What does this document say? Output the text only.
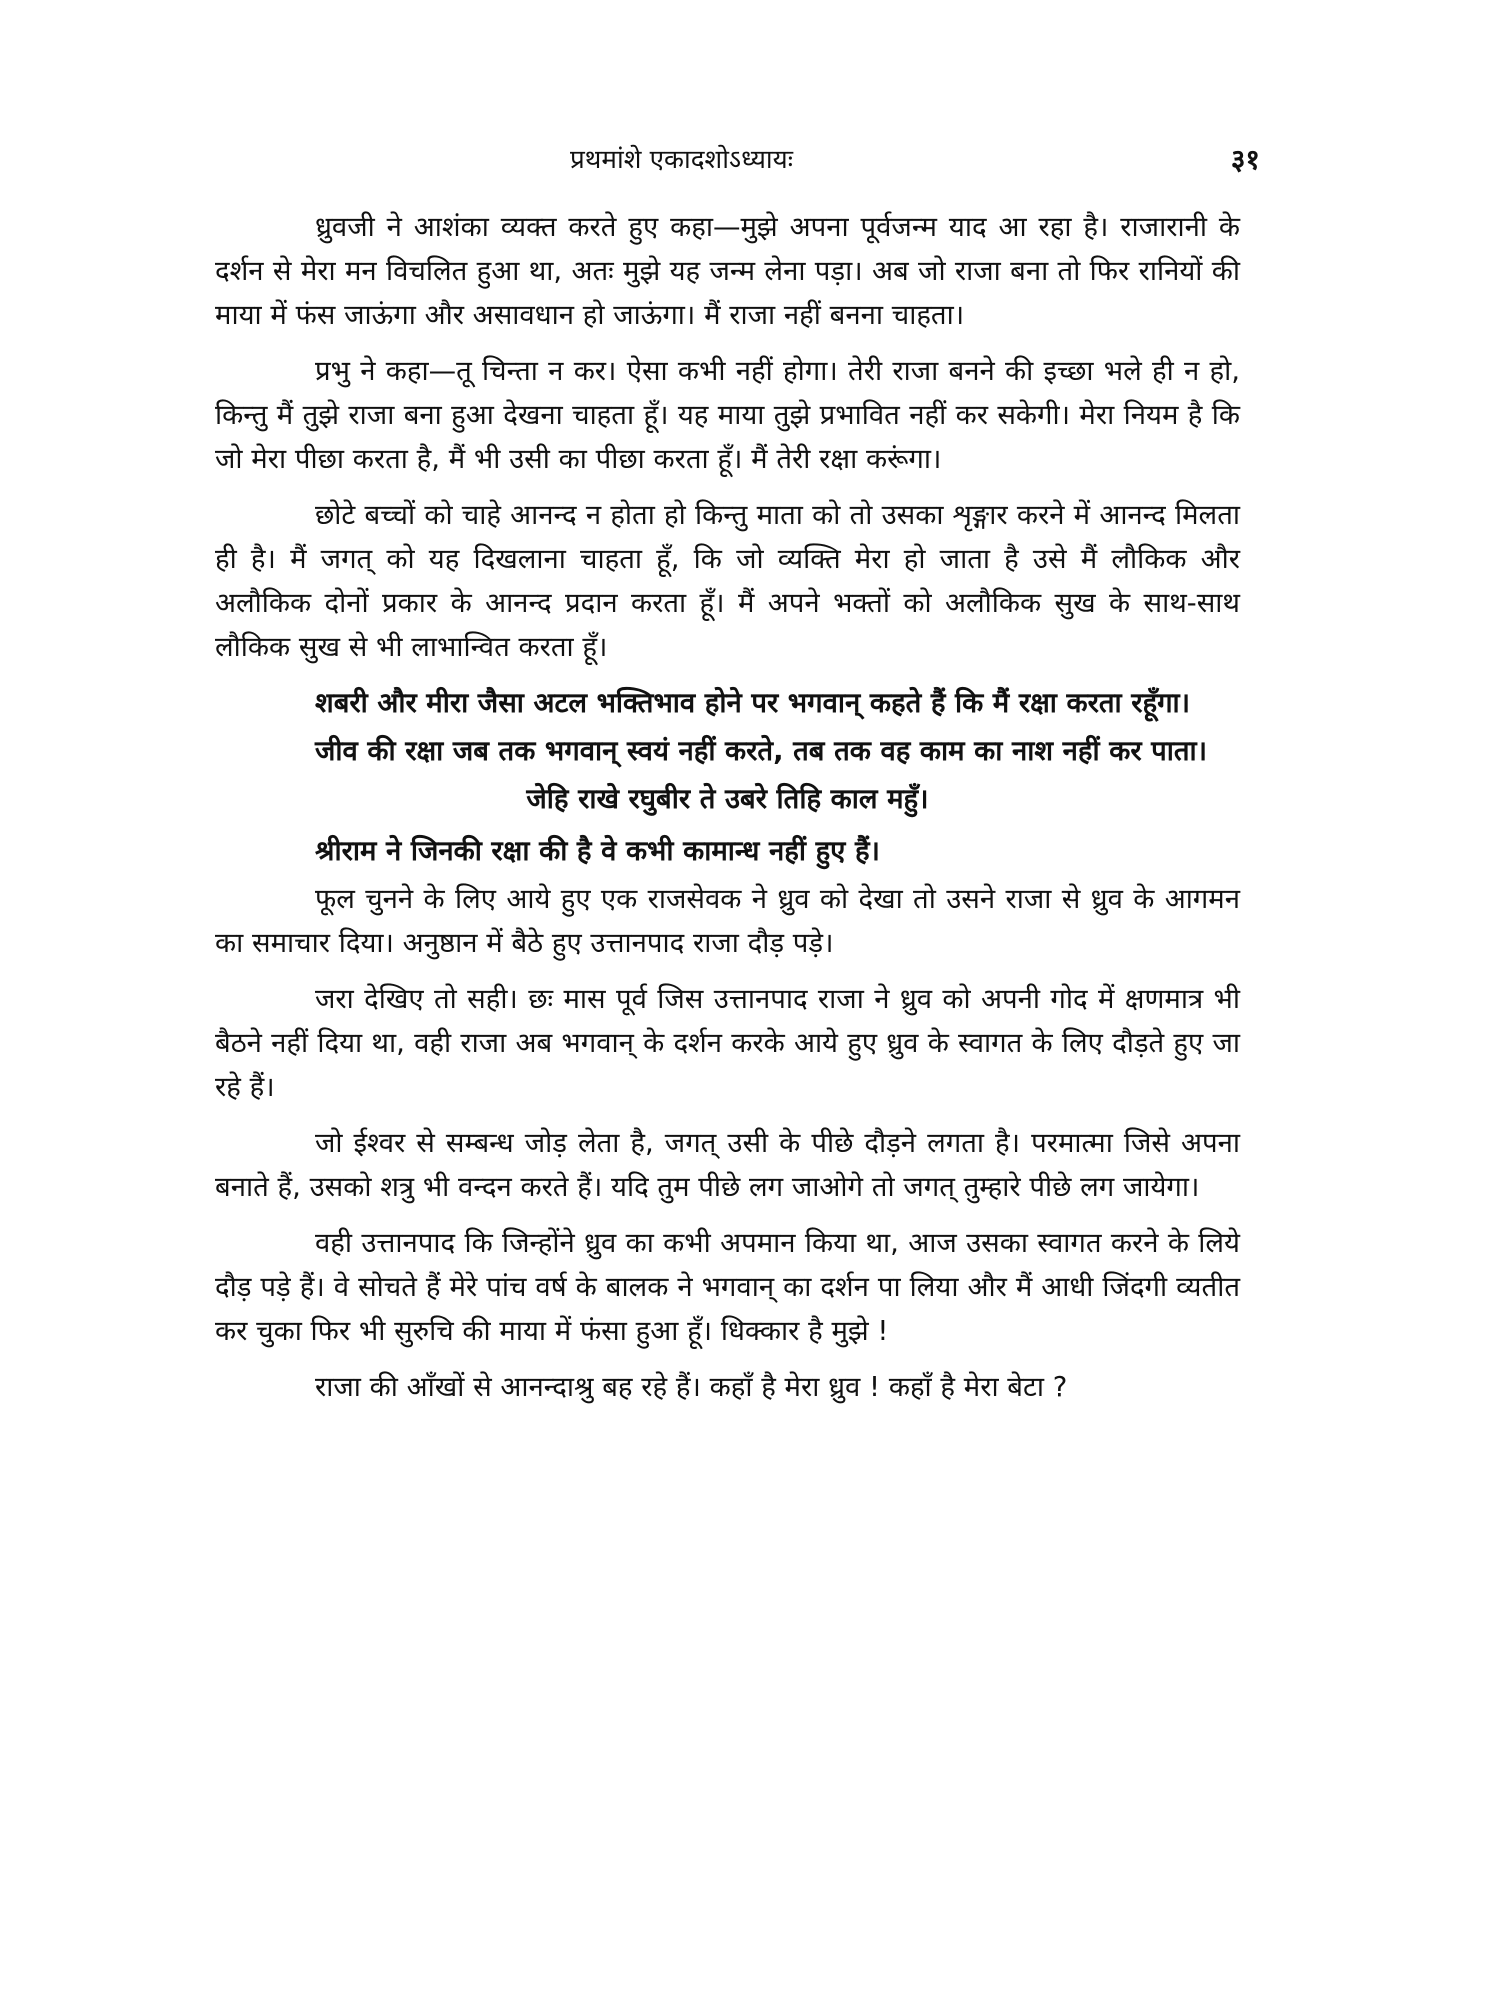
प्रथमांशे एकादशोऽध्यायः	३१

ध्रुवजी ने आशंका व्यक्त करते हुए कहा—मुझे अपना पूर्वजन्म याद आ रहा है। राजारानी के दर्शन से मेरा मन विचलित हुआ था, अतः मुझे यह जन्म लेना पड़ा। अब जो राजा बना तो फिर रानियों की माया में फंस जाऊंगा और असावधान हो जाऊंगा। मैं राजा नहीं बनना चाहता।

प्रभु ने कहा—तू चिन्ता न कर। ऐसा कभी नहीं होगा। तेरी राजा बनने की इच्छा भले ही न हो, किन्तु मैं तुझे राजा बना हुआ देखना चाहता हूँ। यह माया तुझे प्रभावित नहीं कर सकेगी। मेरा नियम है कि जो मेरा पीछा करता है, मैं भी उसी का पीछा करता हूँ। मैं तेरी रक्षा करूंगा।

छोटे बच्चों को चाहे आनन्द न होता हो किन्तु माता को तो उसका शृङ्गार करने में आनन्द मिलता ही है। मैं जगत् को यह दिखलाना चाहता हूँ, कि जो व्यक्ति मेरा हो जाता है उसे मैं लौकिक और अलौकिक दोनों प्रकार के आनन्द प्रदान करता हूँ। मैं अपने भक्तों को अलौकिक सुख के साथ-साथ लौकिक सुख से भी लाभान्वित करता हूँ।

शबरी और मीरा जैसा अटल भक्तिभाव होने पर भगवान् कहते हैं कि मैं रक्षा करता रहूँगा।

जीव की रक्षा जब तक भगवान् स्वयं नहीं करते, तब तक वह काम का नाश नहीं कर पाता।

जेहि राखे रघुबीर ते उबरे तिहि काल महुँ।

श्रीराम ने जिनकी रक्षा की है वे कभी कामान्ध नहीं हुए हैं।

फूल चुनने के लिए आये हुए एक राजसेवक ने ध्रुव को देखा तो उसने राजा से ध्रुव के आगमन का समाचार दिया। अनुष्ठान में बैठे हुए उत्तानपाद राजा दौड़ पड़े।

जरा देखिए तो सही। छः मास पूर्व जिस उत्तानपाद राजा ने ध्रुव को अपनी गोद में क्षणमात्र भी बैठने नहीं दिया था, वही राजा अब भगवान् के दर्शन करके आये हुए ध्रुव के स्वागत के लिए दौड़ते हुए जा रहे हैं।

जो ईश्वर से सम्बन्ध जोड़ लेता है, जगत् उसी के पीछे दौड़ने लगता है। परमात्मा जिसे अपना बनाते हैं, उसको शत्रु भी वन्दन करते हैं। यदि तुम पीछे लग जाओगे तो जगत् तुम्हारे पीछे लग जायेगा।

वही उत्तानपाद कि जिन्होंने ध्रुव का कभी अपमान किया था, आज उसका स्वागत करने के लिये दौड़ पड़े हैं। वे सोचते हैं मेरे पांच वर्ष के बालक ने भगवान् का दर्शन पा लिया और मैं आधी जिंदगी व्यतीत कर चुका फिर भी सुरुचि की माया में फंसा हुआ हूँ। धिक्कार है मुझे !

राजा की आँखों से आनन्दाश्रु बह रहे हैं। कहाँ है मेरा ध्रुव ! कहाँ है मेरा बेटा ?
